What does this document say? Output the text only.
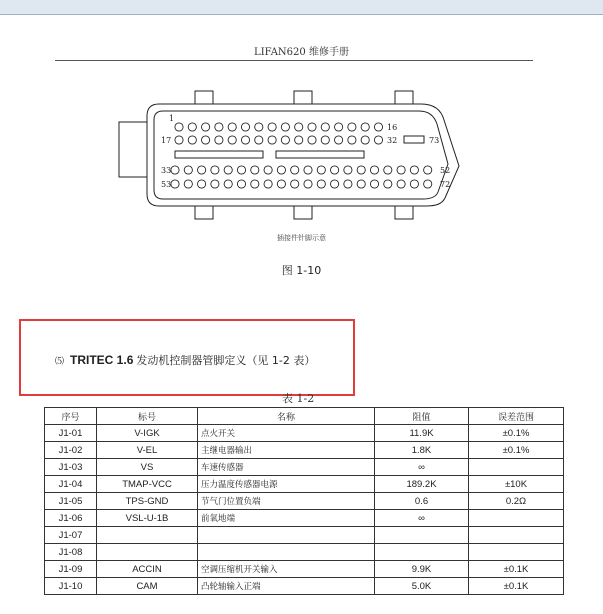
LIFAN620 维修手册
1
16
17	32	73
33	52
53	72
插接件针脚示意
图 1-10
⑸ TRITEC 1.6 发动机控制器管脚定义（见 1-2 表）
表 1-2
序号	标号	名称	阻值	误差范围
J1-01	V-IGK	点火开关	11.9K	±0.1%
J1-02	V-EL	主继电器输出	1.8K	±0.1%
J1-03	VS	车速传感器	∞	
J1-04	TMAP-VCC	压力温度传感器电源	189.2K	±10K
J1-05	TPS-GND	节气门位置负端	0.6	0.2Ω
J1-06	VSL-U-1B	前氧地端	∞	
J1-07				
J1-08				
J1-09	ACCIN	空调压缩机开关输入	9.9K	±0.1K
J1-10	CAM	凸轮轴输入正端	5.0K	±0.1K
